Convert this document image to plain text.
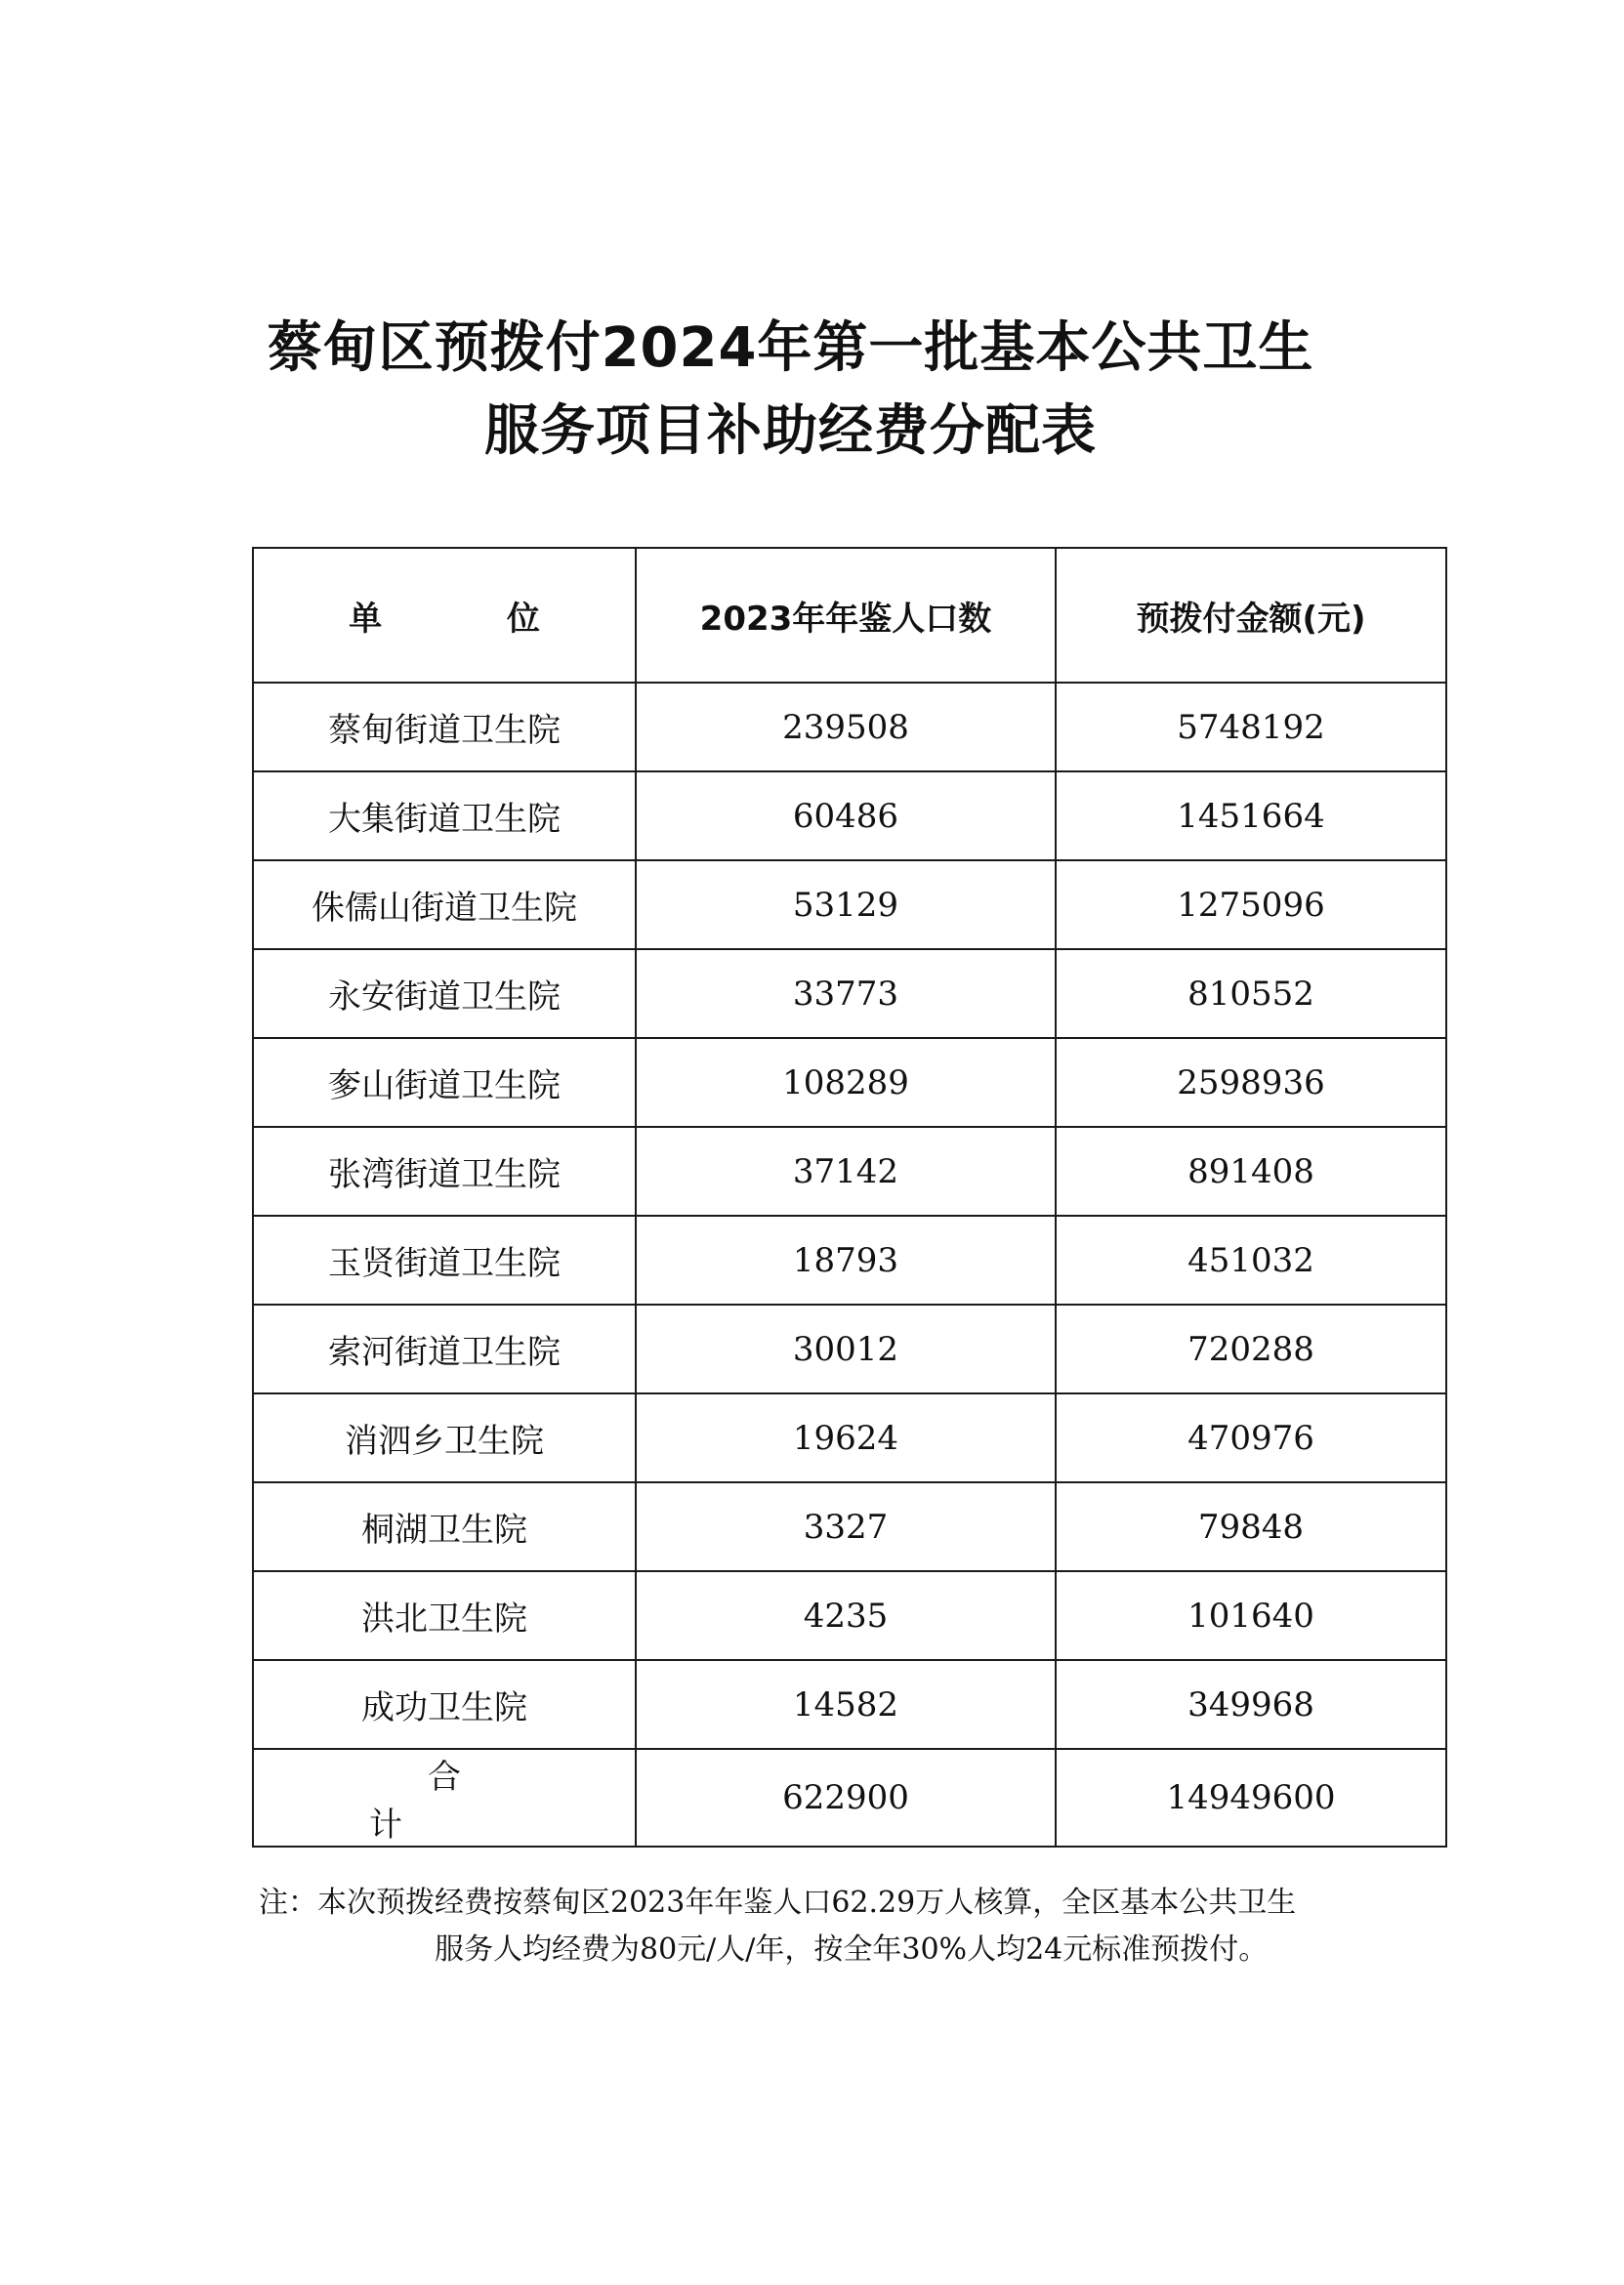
蔡甸区预拨付2024年第一批基本公共卫生
服务项目补助经费分配表
单 位	2023年年鉴人口数	预拨付金额(元)
蔡甸街道卫生院	239508	5748192
大集街道卫生院	60486	1451664
侏儒山街道卫生院	53129	1275096
永安街道卫生院	33773	810552
奓山街道卫生院	108289	2598936
张湾街道卫生院	37142	891408
玉贤街道卫生院	18793	451032
索河街道卫生院	30012	720288
消泗乡卫生院	19624	470976
桐湖卫生院	3327	79848
洪北卫生院	4235	101640
成功卫生院	14582	349968
合计	622900	14949600
注：本次预拨经费按蔡甸区2023年年鉴人口62.29万人核算，全区基本公共卫生
服务人均经费为80元/人/年，按全年30%人均24元标准预拨付。
